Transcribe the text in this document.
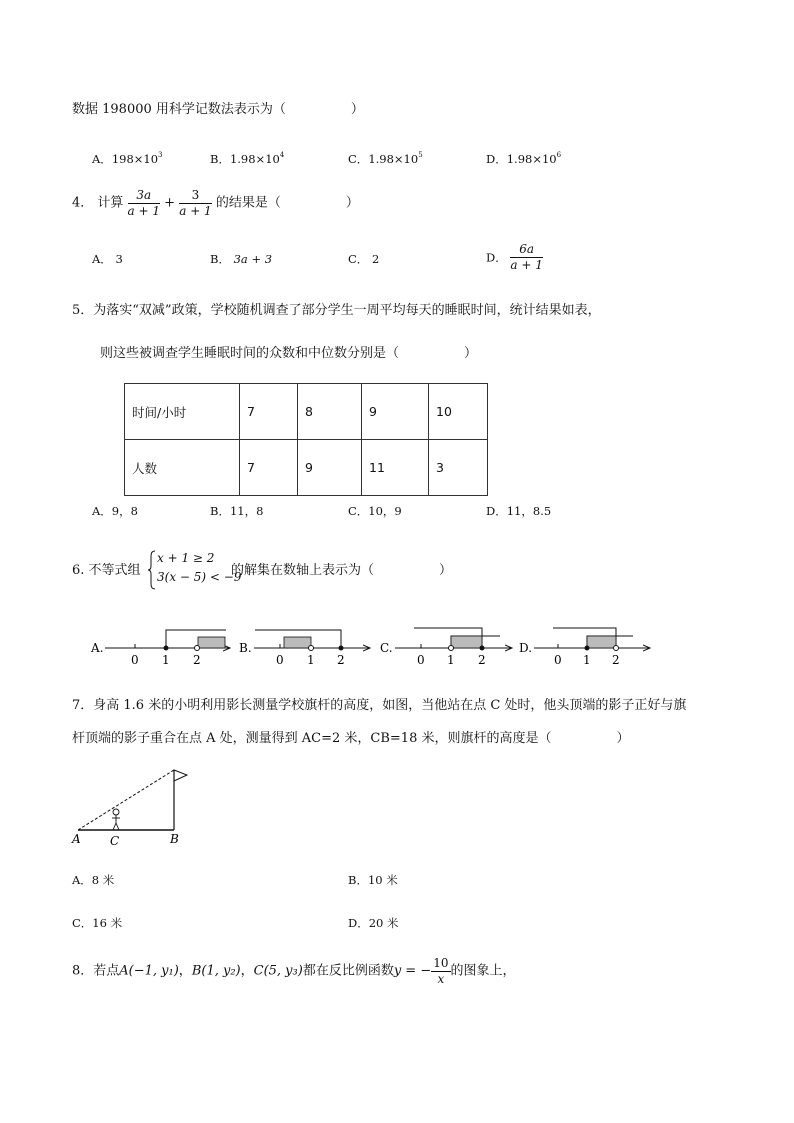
数据 198000 用科学记数法表示为（　　　　　）
A．$198\times 10^3$	B．$1.98\times 10^4$	C．$1.98\times 10^5$	D．$1.98\times 10^6$
4． 计算 $\frac{3a}{a + 1} + \frac{3}{a + 1}$ 的结果是（　　　　　）
A． 3	B． 3a + 3	C． 2	D． $\frac{6a}{a + 1}$
5．为落实“双减”政策，学校随机调查了部分学生一周平均每天的睡眠时间，统计结果如表，
则这些被调查学生睡眠时间的众数和中位数分别是（　　　　　）
时间/小时	7	8	9	10
人数	7	9	11	3
A．9，8	B．11，8	C．10，9	D．11，8.5
6. 不等式组
x + 1 ≥ 2
3(x − 5) < −9
的解集在数轴上表示为（　　　　　）
A.
0 1 2
B.
0 1 2
C.
0 1 2
D.
0 1 2
7．身高 1.6 米的小明利用影长测量学校旗杆的高度，如图，当他站在点 C 处时，他头顶端的影子正好与旗
杆顶端的影子重合在点 A 处，测量得到 AC=2 米，CB=18 米，则旗杆的高度是（　　　　　）
A C	B
A．8 米	B．10 米
C．16 米	D．20 米
8．若点A(−1, y₁)，B(1, y₂)，C(5, y₃)都在反比例函数y = − $\frac{10}{x}$ 的图象上，
